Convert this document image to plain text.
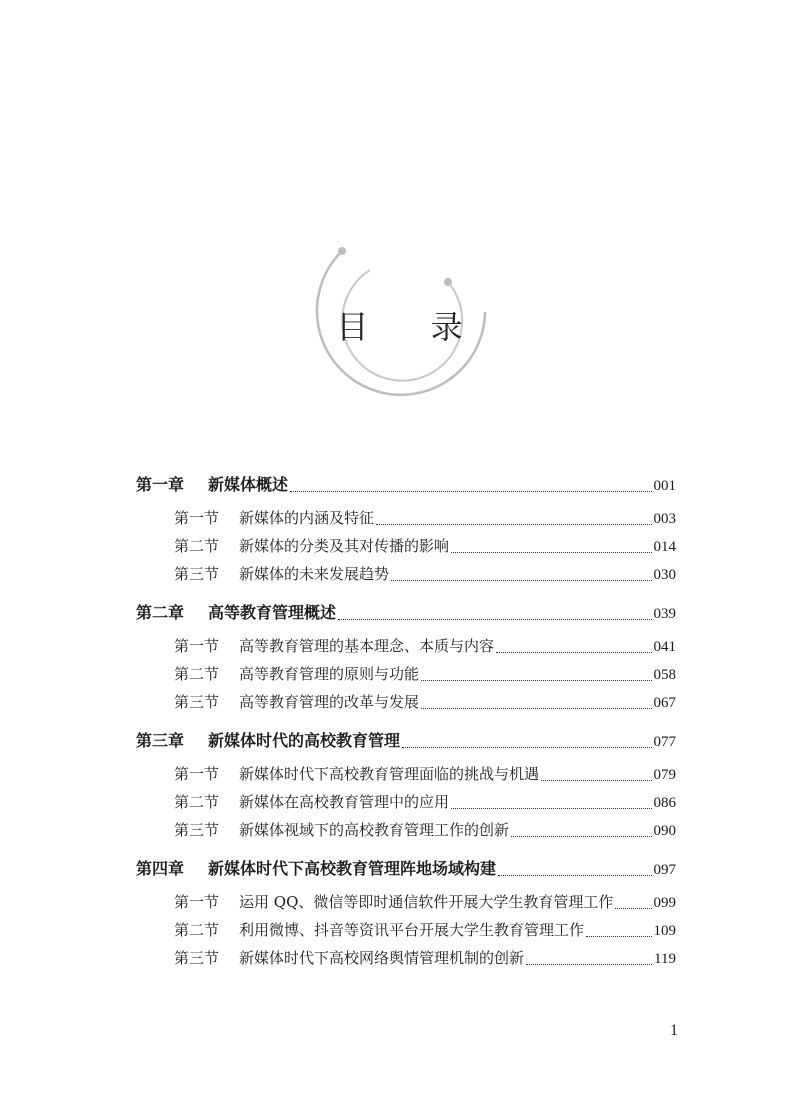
目 录
第一章 新媒体概述	001
第一节 新媒体的内涵及特征	003
第二节 新媒体的分类及其对传播的影响	014
第三节 新媒体的未来发展趋势	030
第二章 高等教育管理概述	039
第一节 高等教育管理的基本理念、本质与内容	041
第二节 高等教育管理的原则与功能	058
第三节 高等教育管理的改革与发展	067
第三章 新媒体时代的高校教育管理	077
第一节 新媒体时代下高校教育管理面临的挑战与机遇	079
第二节 新媒体在高校教育管理中的应用	086
第三节 新媒体视域下的高校教育管理工作的创新	090
第四章 新媒体时代下高校教育管理阵地场域构建	097
第一节 运用 QQ、微信等即时通信软件开展大学生教育管理工作	099
第二节 利用微博、抖音等资讯平台开展大学生教育管理工作	109
第三节 新媒体时代下高校网络舆情管理机制的创新	119
1
